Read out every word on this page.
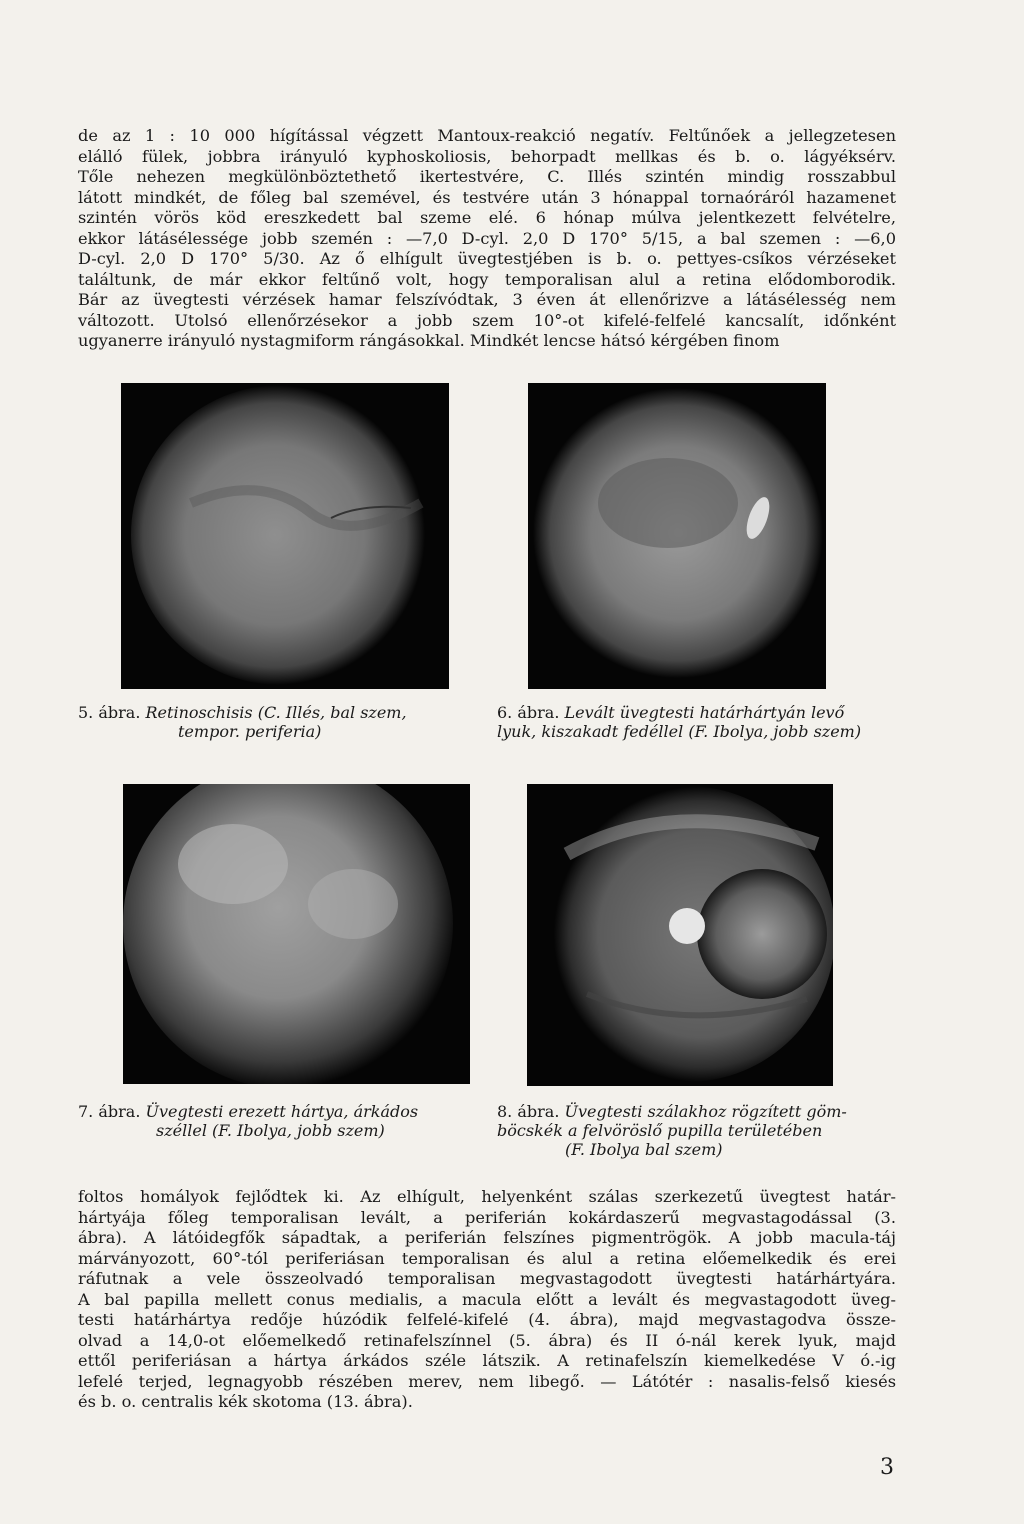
de az 1 : 10 000 hígítással végzett Mantoux-reakció negatív. Feltűnőek a jellegzetesen
elálló fülek, jobbra irányuló kyphoskoliosis, behorpadt mellkas és b. o. lágyéksérv.
Tőle nehezen megkülönböztethető ikertestvére, C. Illés szintén mindig rosszabbul
látott mindkét, de főleg bal szemével, és testvére után 3 hónappal tornaóráról hazamenet
szintén vörös köd ereszkedett bal szeme elé. 6 hónap múlva jelentkezett felvételre,
ekkor látásélessége jobb szemén : —7,0 D-cyl. 2,0 D 170° 5/15, a bal szemen : —6,0
D-cyl. 2,0 D 170° 5/30. Az ő elhígult üvegtestjében is b. o. pettyes-csíkos vérzéseket
találtunk, de már ekkor feltűnő volt, hogy temporalisan alul a retina elődomborodik.
Bár az üvegtesti vérzések hamar felszívódtak, 3 éven át ellenőrizve a látásélesség nem
változott. Utolsó ellenőrzésekor a jobb szem 10°-ot kifelé-felfelé kancsalít, időnként
ugyanerre irányuló nystagmiform rángásokkal. Mindkét lencse hátsó kérgében finom

5. ábra. Retinoschisis (C. Illés, bal szem,
tempor. periferia)

6. ábra. Levált üvegtesti határhártyán levő
lyuk, kiszakadt fedéllel (F. Ibolya, jobb szem)

7. ábra. Üvegtesti erezett hártya, árkádos
széllel (F. Ibolya, jobb szem)

8. ábra. Üvegtesti szálakhoz rögzített göm-
böcskék a felvöröslő pupilla területében
(F. Ibolya bal szem)

foltos homályok fejlődtek ki. Az elhígult, helyenként szálas szerkezetű üvegtest határ-
hártyája főleg temporalisan levált, a periferián kokárdaszerű megvastagodással (3.
ábra). A látóidegfők sápadtak, a periferián felszínes pigmentrögök. A jobb macula-táj
márványozott, 60°-tól periferiásan temporalisan és alul a retina előemelkedik és erei
ráfutnak a vele összeolvadó temporalisan megvastagodott üvegtesti határhártyára.
A bal papilla mellett conus medialis, a macula előtt a levált és megvastagodott üveg-
testi határhártya redője húzódik felfelé-kifelé (4. ábra), majd megvastagodva össze-
olvad a 14,0-ot előemelkedő retinafelszínnel (5. ábra) és II ó-nál kerek lyuk, majd
ettől periferiásan a hártya árkádos széle látszik. A retinafelszín kiemelkedése V ó.-ig
lefelé terjed, legnagyobb részében merev, nem libegő. — Látótér : nasalis-felső kiesés
és b. o. centralis kék skotoma (13. ábra).
3
